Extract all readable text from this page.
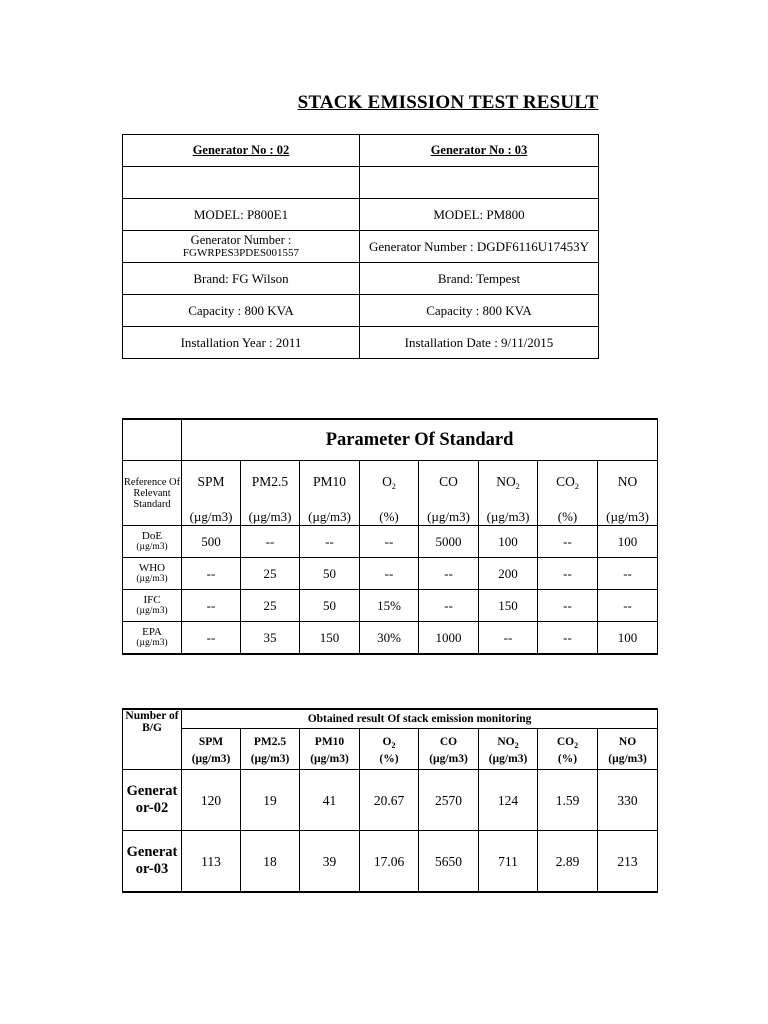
STACK EMISSION TEST RESULT
Generator No : 02	Generator No : 03

MODEL: P800E1	MODEL: PM800
Generator Number :
FGWRPES3PDES001557	Generator Number : DGDF6116U17453Y
Brand: FG Wilson	Brand: Tempest
Capacity : 800 KVA	Capacity : 800 KVA
Installation Year : 2011	Installation Date : 9/11/2015
	Parameter Of Standard							
Reference Of Relevant Standard	SPM	PM2.5	PM10	$O_2$	CO	$NO_2$	$CO_2$	NO
	(µg/m3)	(µg/m3)	(µg/m3)	(%)	(µg/m3)	(µg/m3)	(%)	(µg/m3)
DoE
(µg/m3)	500	--	--	--	5000	100	--	100
WHO
(µg/m3)	--	25	50	--	--	200	--	--
IFC
(µg/m3)	--	25	50	15%	--	150	--	--
EPA
(µg/m3)	--	35	150	30%	1000	--	--	100
Number of B/G	Obtained result Of stack emission monitoring							
	SPM	PM2.5	PM10	$O_2$	CO	$NO_2$	$CO_2$	NO
	(µg/m3)	(µg/m3)	(µg/m3)	(%)	(µg/m3)	(µg/m3)	(%)	(µg/m3)
Generat or-02	120	19	41	20.67	2570	124	1.59	330
Generat or-03	113	18	39	17.06	5650	711	2.89	213
